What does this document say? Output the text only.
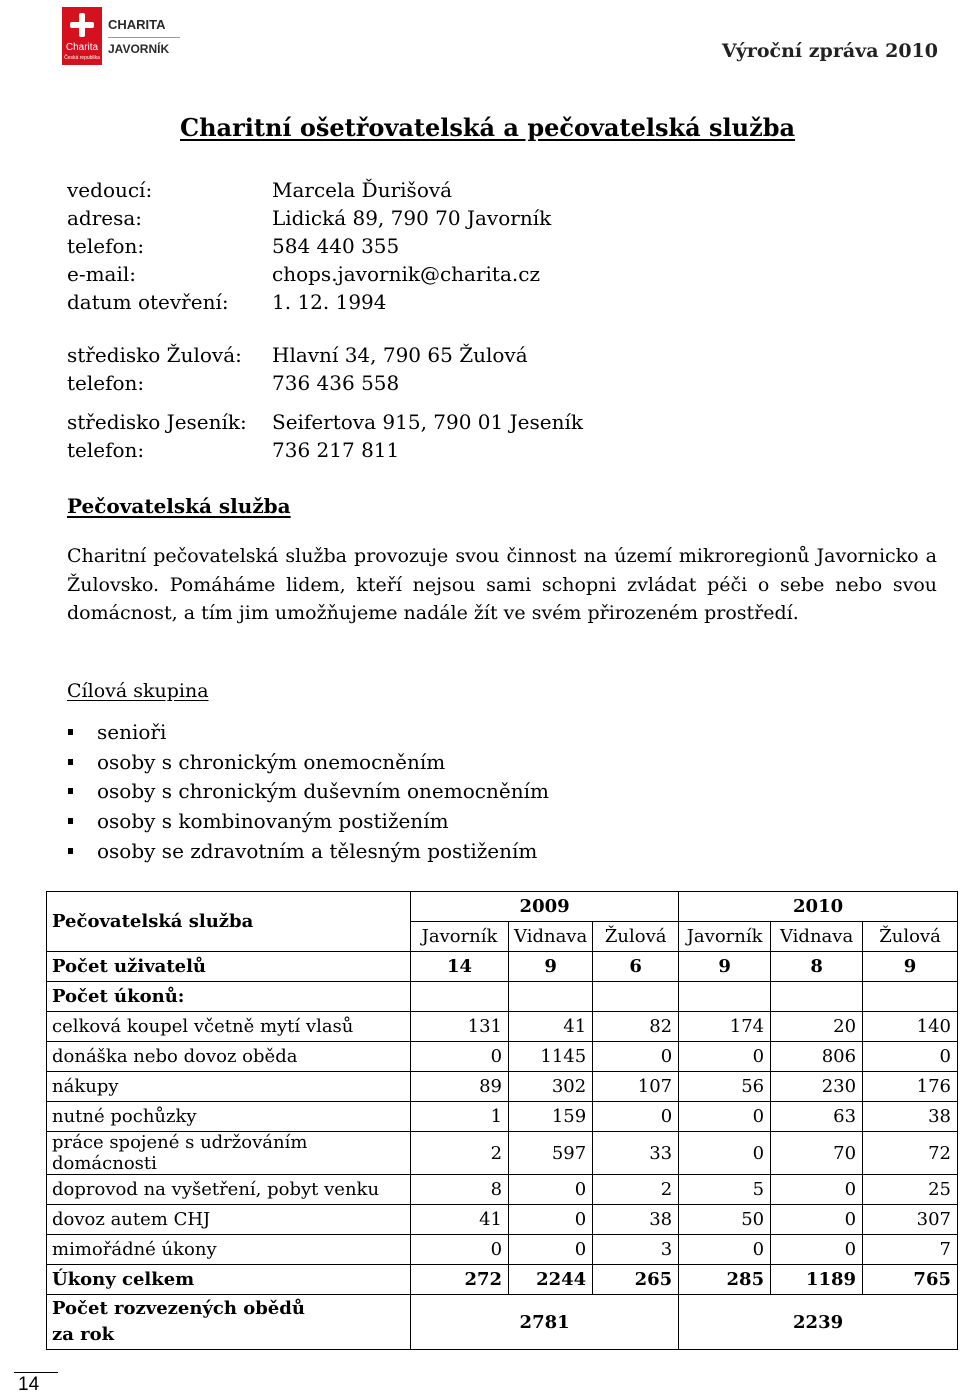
Charita
Česká republika
CHARITA
JAVORNÍK	Výroční zpráva 2010
Charitní ošetřovatelská a pečovatelská služba
vedoucí:	Marcela Ďurišová
adresa:	Lidická 89, 790 70 Javorník
telefon:	584 440 355
e-mail:	chops.javornik@charita.cz
datum otevření: 1. 12. 1994
středisko Žulová: Hlavní 34, 790 65 Žulová
telefon:	736 436 558
středisko Jeseník: Seifertova 915, 790 01 Jeseník
telefon:	736 217 811
Pečovatelská služba

Charitní pečovatelská služba provozuje svou činnost na území mikroregionů Javornicko a Žulovsko. Pomáháme lidem, kteří nejsou sami schopni zvládat péči o sebe nebo svou domácnost, a tím jim umožňujeme nadále žít ve svém přirozeném prostředí.

Cílová skupina
senioři
osoby s chronickým onemocněním
osoby s chronickým duševním onemocněním
osoby s kombinovaným postižením
osoby se zdravotním a tělesným postižením
Pečovatelská služba	2009			2010		
	Javorník	Vidnava	Žulová	Javorník	Vidnava	Žulová
Počet uživatelů	14	9	6	9	8	9
Počet úkonů:						
celková koupel včetně mytí vlasů	131	41	82	174	20	140
donáška nebo dovoz oběda	0	1145	0	0	806	0
nákupy	89	302	107	56	230	176
nutné pochůzky	1	159	0	0	63	38
práce spojené s udržováním domácnosti	2	597	33	0	70	72
doprovod na vyšetření, pobyt venku	8	0	2	5	0	25
dovoz autem CHJ	41	0	38	50	0	307
mimořádné úkony	0	0	3	0	0	7
Úkony celkem	272	2244	265	285	1189	765

Počet rozvezených obědů
za rok	2781			2239		
14
